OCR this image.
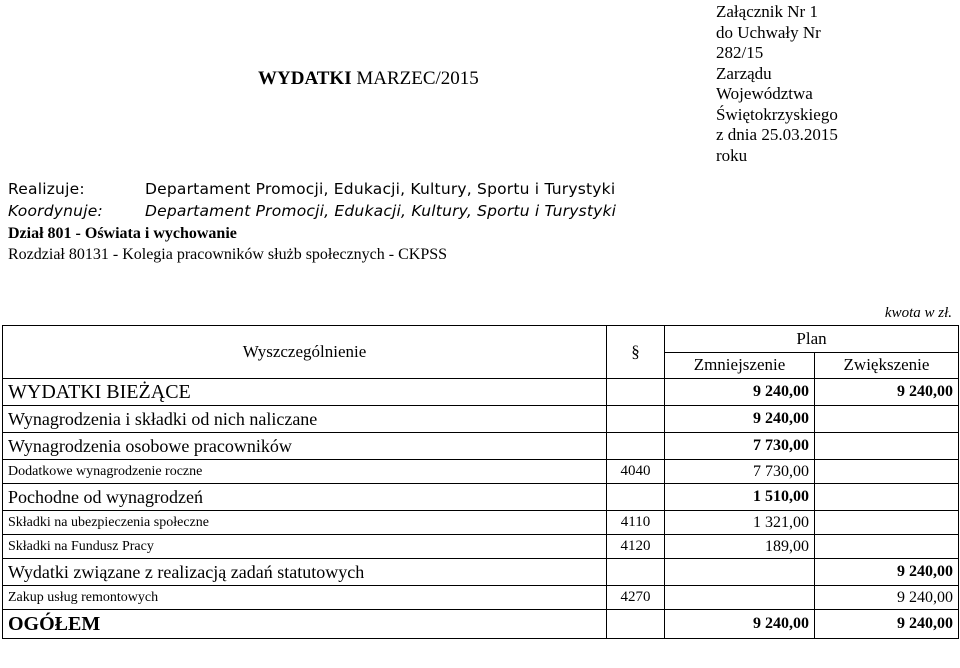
WYDATKI MARZEC/2015
Załącznik Nr 1
do Uchwały Nr
282/15
Zarządu
Województwa
Świętokrzyskiego
z dnia 25.03.2015
roku
Realizuje:	Departament Promocji, Edukacji, Kultury, Sportu i Turystyki
Koordynuje:	Departament Promocji, Edukacji, Kultury, Sportu i Turystyki
Dział 801 - Oświata i wychowanie
Rozdział 80131 - Kolegia pracowników służb społecznych - CKPSS
kwota w zł.
Wyszczególnienie	§	Plan	
		Zmniejszenie	Zwiększenie
WYDATKI BIEŻĄCE		9 240,00	9 240,00
Wynagrodzenia i składki od nich naliczane		9 240,00	
Wynagrodzenia osobowe pracowników		7 730,00	
Dodatkowe wynagrodzenie roczne	4040	7 730,00	
Pochodne od wynagrodzeń		1 510,00	
Składki na ubezpieczenia społeczne	4110	1 321,00	
Składki na Fundusz Pracy	4120	189,00	
Wydatki związane z realizacją zadań statutowych			9 240,00
Zakup usług remontowych	4270		9 240,00
OGÓŁEM		9 240,00	9 240,00
